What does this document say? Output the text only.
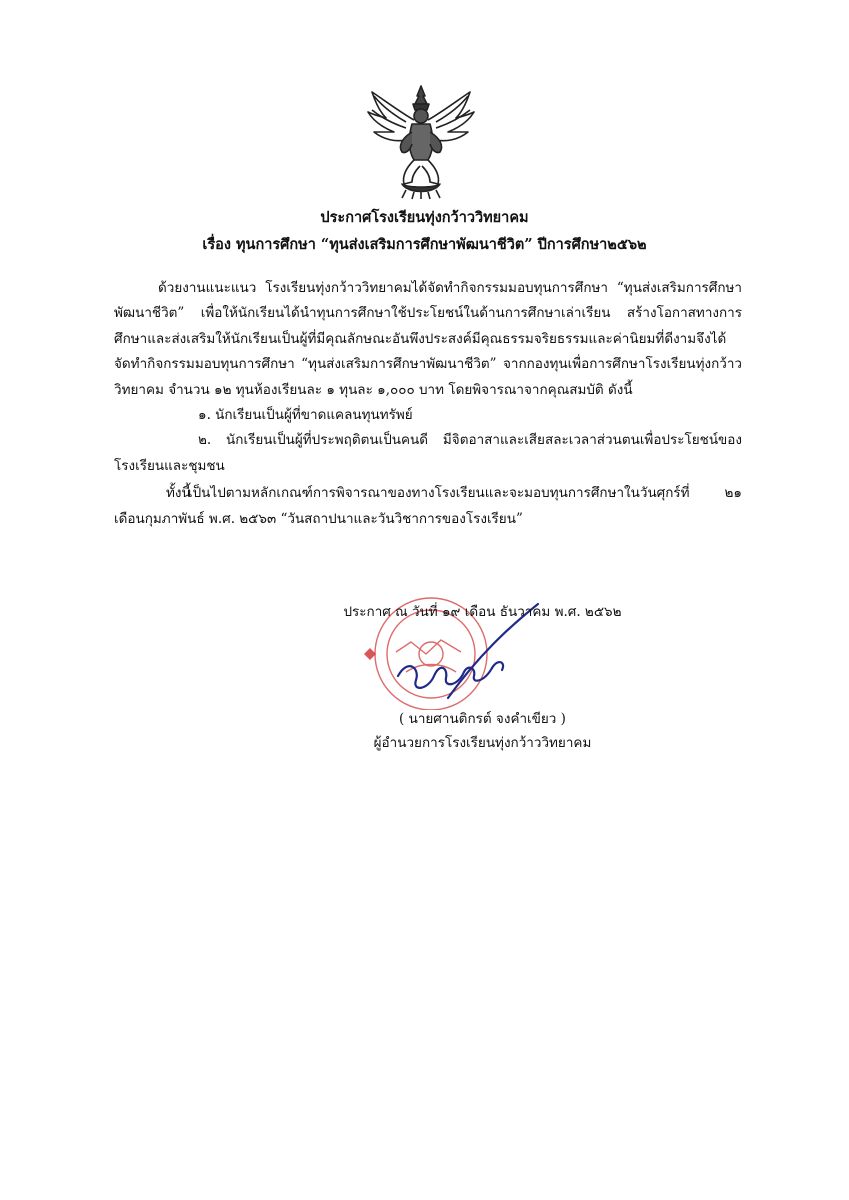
ประกาศโรงเรียนทุ่งกว้าววิทยาคม
เรื่อง ทุนการศึกษา “ทุนส่งเสริมการศึกษาพัฒนาชีวิต” ปีการศึกษา๒๕๖๒

ด้วยงานแนะแนว โรงเรียนทุ่งกว้าววิทยาคมได้จัดทำกิจกรรมมอบทุนการศึกษา “ทุนส่งเสริมการศึกษาพัฒนาชีวิต” เพื่อให้นักเรียนได้นำทุนการศึกษาใช้ประโยชน์ในด้านการศึกษาเล่าเรียน สร้างโอกาสทางการศึกษาและส่งเสริมให้นักเรียนเป็นผู้ที่มีคุณลักษณะอันพึงประสงค์มีคุณธรรมจริยธรรมและค่านิยมที่ดีงามจึงได้จัดทำกิจกรรมมอบทุนการศึกษา “ทุนส่งเสริมการศึกษาพัฒนาชีวิต” จากกองทุนเพื่อการศึกษาโรงเรียนทุ่งกว้าววิทยาคม จำนวน ๑๒ ทุนห้องเรียนละ ๑ ทุนละ ๑,๐๐๐ บาท โดยพิจารณาจากคุณสมบัติ ดังนี้

๑. นักเรียนเป็นผู้ที่ขาดแคลนทุนทรัพย์

๒. นักเรียนเป็นผู้ที่ประพฤติตนเป็นคนดี มีจิตอาสาและเสียสละเวลาส่วนตนเพื่อประโยชน์ของโรงเรียนและชุมชน

ทั้งนี้เป็นไปตามหลักเกณฑ์การพิจารณาของทางโรงเรียนและจะมอบทุนการศึกษาในวันศุกร์ที่ ๒๑ เดือนกุมภาพันธ์ พ.ศ. ๒๕๖๓ “วันสถาปนาและวันวิชาการของโรงเรียน”

ประกาศ ณ วันที่ ๑๙ เดือน ธันวาคม พ.ศ. ๒๕๖๒
( นายศานติกรต์ จงคำเขียว )
ผู้อำนวยการโรงเรียนทุ่งกว้าววิทยาคม
